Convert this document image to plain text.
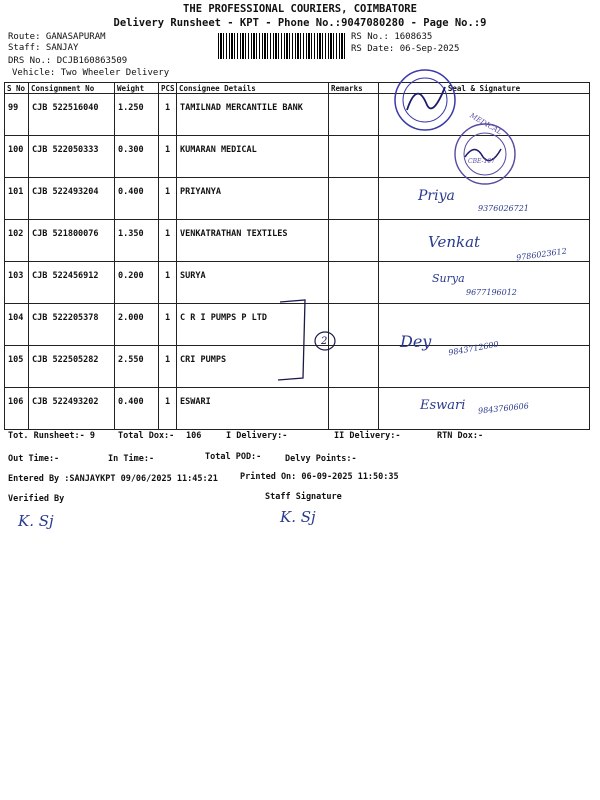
THE PROFESSIONAL COURIERS, COIMBATORE
Delivery Runsheet - KPT - Phone No.:9047080280 - Page No.:9
Route: GANASAPURAM
Staff: SANJAY
DRS No.: DCJB160863509
Vehicle: Two Wheeler Delivery
RS No.: 1608635
RS Date: 06-Sep-2025
S No	Consignment No	Weight	PCS	Consignee Details	Remarks	Seal & Signature
99	CJB 522516040	1.250	1	TAMILNAD MERCANTILE BANK		
100	CJB 522050333	0.300	1	KUMARAN MEDICAL		
101	CJB 522493204	0.400	1	PRIYANYA		
102	CJB 521800076	1.350	1	VENKATRATHAN TEXTILES		
103	CJB 522456912	0.200	1	SURYA		
104	CJB 522205378	2.000	1	C R I PUMPS P LTD		
105	CJB 522505282	2.550	1	CRI PUMPS		
106	CJB 522493202	0.400	1	ESWARI		
MEDICAL
CBE-107
Priya
9376026721
Venkat
9786023612
Surya
9677196012
2	Dey 9843712600
Eswari 9843760606
Tot. Runsheet:- 9	Total Dox:- 106	I Delivery:-	II Delivery:-	RTN Dox:-
Out Time:-	In Time:-	Total POD:-	Delvy Points:-
Entered By :SANJAYKPT 09/06/2025 11:45:21	Printed On: 06-09-2025 11:50:35
Verified By	Staff Signature
K. Sj	K. Sj
